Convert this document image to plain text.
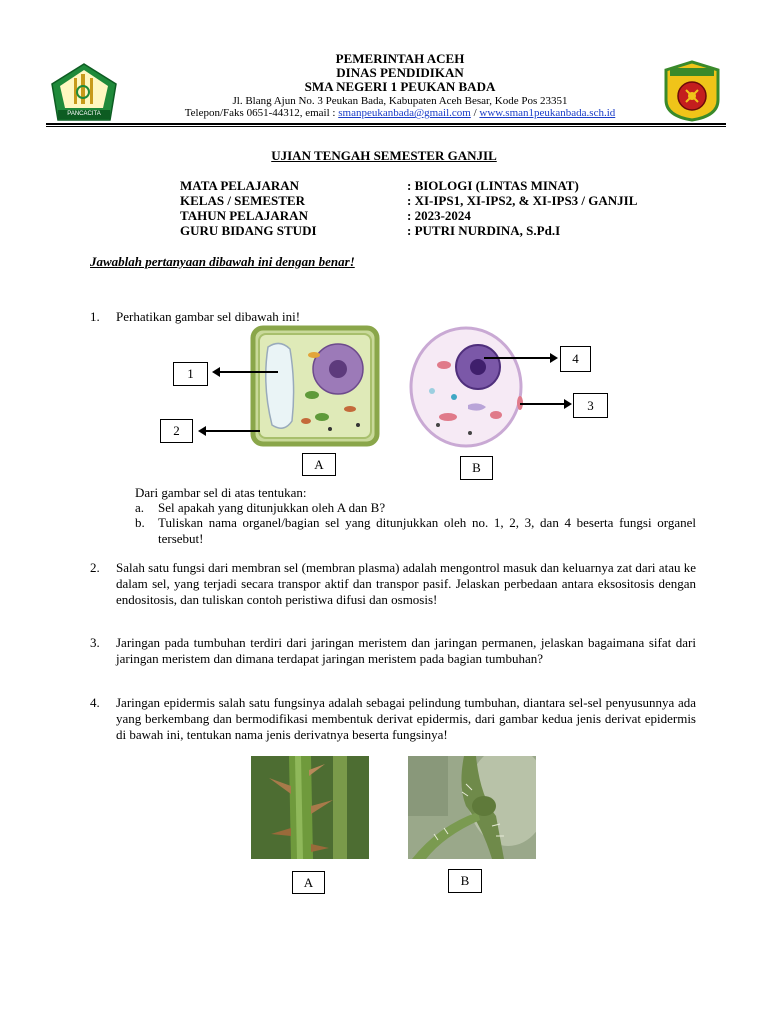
PANCACITA
PEMERINTAH ACEH
DINAS PENDIDIKAN
SMA NEGERI 1 PEUKAN BADA
Jl. Blang Ajun No. 3 Peukan Bada, Kabupaten Aceh Besar, Kode Pos 23351
Telepon/Faks 0651-44312, email : smanpeukanbada@gmail.com / www.sman1peukanbada.sch.id
UJIAN TENGAH SEMESTER GANJIL
MATA PELAJARAN	: BIOLOGI (LINTAS MINAT)
KELAS / SEMESTER	: XI-IPS1, XI-IPS2, & XI-IPS3 / GANJIL
TAHUN PELAJARAN	: 2023-2024
GURU BIDANG STUDI	: PUTRI NURDINA, S.Pd.I
Jawablah pertanyaan dibawah ini dengan benar!
1. Perhatikan gambar sel dibawah ini!
1
2
4
3
A	B
Dari gambar sel di atas tentukan:
a. Sel apakah yang ditunjukkan oleh A dan B?
b. Tuliskan nama organel/bagian sel yang ditunjukkan oleh no. 1, 2, 3, dan 4 beserta fungsi organel tersebut!
2. Salah satu fungsi dari membran sel (membran plasma) adalah mengontrol masuk dan keluarnya zat dari atau ke dalam sel, yang terjadi secara transpor aktif dan transpor pasif. Jelaskan perbedaan antara eksositosis dengan endositosis, dan tuliskan contoh peristiwa difusi dan osmosis!
3. Jaringan pada tumbuhan terdiri dari jaringan meristem dan jaringan permanen, jelaskan bagaimana sifat dari jaringan meristem dan dimana terdapat jaringan meristem pada bagian tumbuhan?
4. Jaringan epidermis salah satu fungsinya adalah sebagai pelindung tumbuhan, diantara sel-sel penyusunnya ada yang berkembang dan bermodifikasi membentuk derivat epidermis, dari gambar kedua jenis derivat epidermis di bawah ini, tentukan nama jenis derivatnya beserta fungsinya!
A	B
